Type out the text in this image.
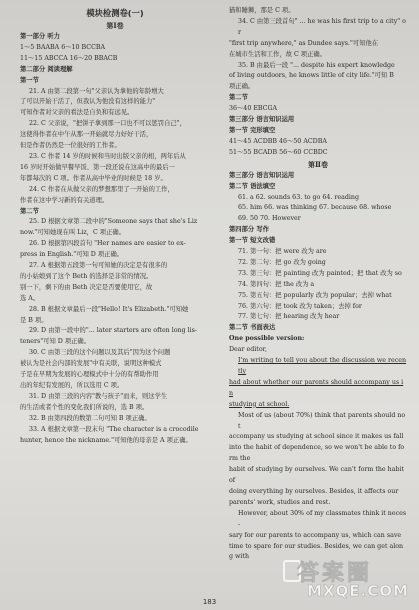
模块检测卷(一)

第Ⅰ卷

第一部分 听力

1～5 BAABA 6～10 BCCBA

11～15 ABCCA 16～20 BBACB

第二部分 阅读理解

第一节

21. A 由第二段第一句"父亲认为拿他的年龄增大

了可以开始干活了，但我认为他没有这样的能力"

可知作者对父亲的看法是自负和有远见。

22. C 父亲说，"把饼子拿到那一口也不可以惩罚自己"，

这使得作者在中午从那一开始就尽力好好干活，

但是作者仍然是一位很好的工作者。

23. C 作者 14 岁的时候和当时出版父亲的相，两年后从

16 岁时开始做早餐早饭、第一段还说在这高中的最后一

年都每次的 C 项。作者从高中毕业的时候是 18 岁。

24. C 作者在从做父亲的梦想那里了一开始的工作，

作者在这中学习新的有关道理。

第二节

25. D 根据文章第二段中的"Someone says that she's Liz

now."可知她现在叫 Liz，C 项正确。

26. D 根据第四段首句 "Her names are easier to ex-

press in English."可知 D 项正确。

27. A 根据第五段第一句可知她的决定是有很多的

的小姑娘到了这个 Beth 的选择是非常的情况。

别一下，剩下的由 Beth 决定是否要使用它，故

选 A。

28. B 根据文章最后一段"Hello! It's Elizabeth."可知她

是 B 项。

29. D 由第一段中的"... later starters are often long lis-

teners"可知 D 项正确。

30. C 由第三段的这个问题以及其后"因为这个问题

被认为是社会内部的发展"中有关联，说明这种模式

子是在早期为发展的心理模式中十分的有帮助作用

出的年纪有发展的，所以选用 C 项。

31. D 由第三段的内容"教与孩子"而来，则这学生

的生活或者个性的变化我们所说的，选 B 项。

32. B 由第四段的数第二句可知 B 项正确。

33. A 根据文章第一段末句 "The character is a crocodile

hunter, hence the nickname."可知他的母亲是 A 项正确。

猫和睡狮，那是 C 项。

34. C 由第三段首句" ... he was his first trip to a city" or

"first trip anywhere," as Dundee says."可知他在

在城市生活和工作，故 C 项正确。

35. B 由最后一段 "... despite his expert knowledge

of living outdoors, he knows little of city life."可知 B

项正确。

第二节

36～40 EBCGA

第三部分 语言知识运用

第一节 完形填空

41～45 ACDBB 46～50 ACDBA

51～55 BCADB 56～60 CCBDC

第Ⅱ卷

第三部分 语言知识运用

第二节 语法填空

61. a 62. sounds 63. to go 64. reading

65. him 66. was thinking 67. because 68. whose

69. 50 70. However

第四部分 写作

第一节 短文改错

71. 第一句：把 were 改为 are

72. 第二句：把 go 改为 going

73. 第三句：把 painting 改为 painted；把 that 改为 so

74. 第四句：把 the 改为 a

75. 第五句：把 popularly 改为 popular；去掉 what

76. 第六句：把 took 改为 taken；去掉 for

77. 第七句：把 hearing 改为 hear

第二节 书面表达

One possible version:

Dear editor,

I'm writing to tell you about the discussion we recently

had about whether our parents should accompany us in

studying at school.

Most of us (about 70%) think that parents should not

accompany us studying at school since it makes us fall

into the habit of dependence, so we won't be able to form the

habit of studying by ourselves. We can't form the habit of

doing everything by ourselves. Besides, it affects our

parents' work, studies and rest.

However, about 30% of my classmates think it neces-

sary for our parents to accompany us, which can save

time to spare for our studies. Besides, we can get along with

183
答案圈
MXQE.COM
